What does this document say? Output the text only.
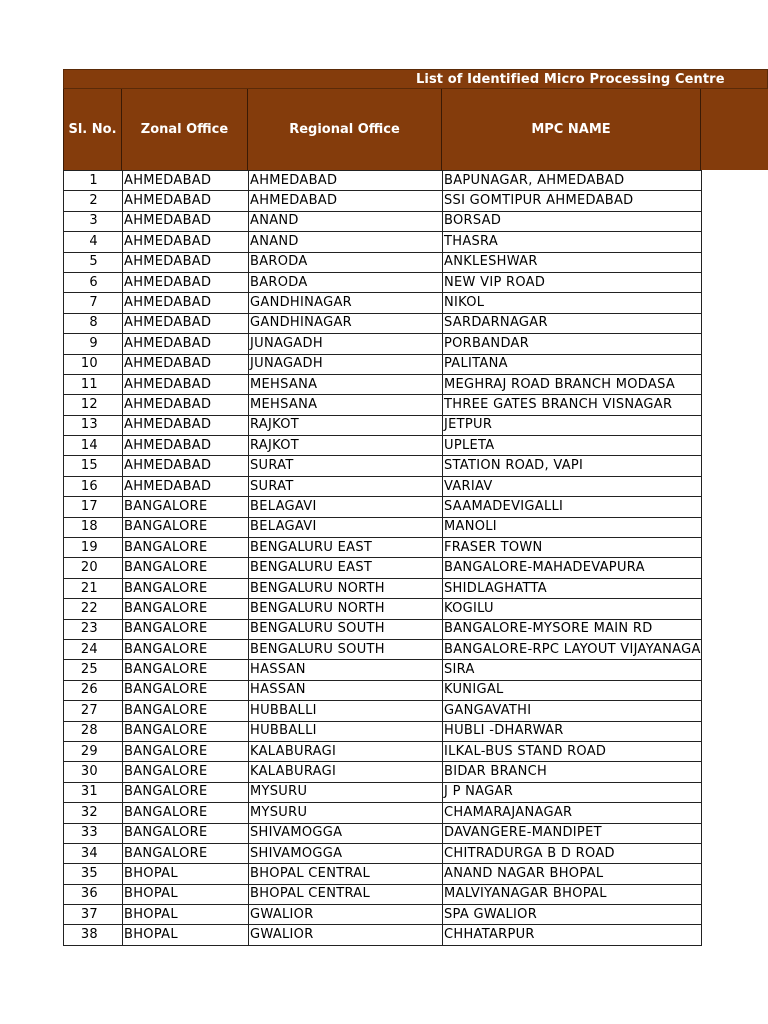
List of Identified Micro Processing Centre
Sl. No.	Zonal Office	Regional Office	MPC NAME
1	AHMEDABAD	AHMEDABAD	BAPUNAGAR, AHMEDABAD
2	AHMEDABAD	AHMEDABAD	SSI GOMTIPUR AHMEDABAD
3	AHMEDABAD	ANAND	BORSAD
4	AHMEDABAD	ANAND	THASRA
5	AHMEDABAD	BARODA	ANKLESHWAR
6	AHMEDABAD	BARODA	NEW VIP ROAD
7	AHMEDABAD	GANDHINAGAR	NIKOL
8	AHMEDABAD	GANDHINAGAR	SARDARNAGAR
9	AHMEDABAD	JUNAGADH	PORBANDAR
10	AHMEDABAD	JUNAGADH	PALITANA
11	AHMEDABAD	MEHSANA	MEGHRAJ ROAD BRANCH MODASA
12	AHMEDABAD	MEHSANA	THREE GATES BRANCH VISNAGAR
13	AHMEDABAD	RAJKOT	JETPUR
14	AHMEDABAD	RAJKOT	UPLETA
15	AHMEDABAD	SURAT	STATION ROAD, VAPI
16	AHMEDABAD	SURAT	VARIAV
17	BANGALORE	BELAGAVI	SAAMADEVIGALLI
18	BANGALORE	BELAGAVI	MANOLI
19	BANGALORE	BENGALURU EAST	FRASER TOWN
20	BANGALORE	BENGALURU EAST	BANGALORE-MAHADEVAPURA
21	BANGALORE	BENGALURU NORTH	SHIDLAGHATTA
22	BANGALORE	BENGALURU NORTH	KOGILU
23	BANGALORE	BENGALURU SOUTH	BANGALORE-MYSORE MAIN RD
24	BANGALORE	BENGALURU SOUTH	BANGALORE-RPC LAYOUT VIJAYANAGA
25	BANGALORE	HASSAN	SIRA
26	BANGALORE	HASSAN	KUNIGAL
27	BANGALORE	HUBBALLI	GANGAVATHI
28	BANGALORE	HUBBALLI	HUBLI -DHARWAR
29	BANGALORE	KALABURAGI	ILKAL-BUS STAND ROAD
30	BANGALORE	KALABURAGI	BIDAR BRANCH
31	BANGALORE	MYSURU	J P NAGAR
32	BANGALORE	MYSURU	CHAMARAJANAGAR
33	BANGALORE	SHIVAMOGGA	DAVANGERE-MANDIPET
34	BANGALORE	SHIVAMOGGA	CHITRADURGA B D ROAD
35	BHOPAL	BHOPAL CENTRAL	ANAND NAGAR BHOPAL
36	BHOPAL	BHOPAL CENTRAL	MALVIYANAGAR BHOPAL
37	BHOPAL	GWALIOR	SPA GWALIOR
38	BHOPAL	GWALIOR	CHHATARPUR
